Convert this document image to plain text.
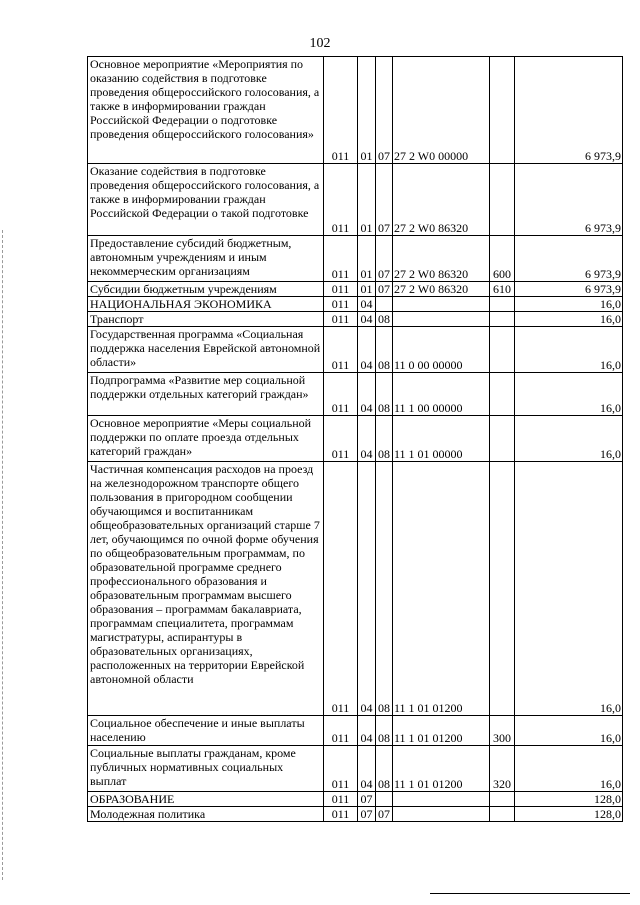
102
Основное мероприятие «Мероприятия по оказанию содействия в подготовке проведения общероссийского голосования, а также в информировании граждан Российской Федерации о подготовке проведения общероссийского голосования»	011	01	07	27 2 W0 00000		6 973,9
Оказание содействия в подготовке проведения общероссийского голосования, а также в информировании граждан Российской Федерации о такой подготовке	011	01	07	27 2 W0 86320		6 973,9
Предоставление субсидий бюджетным, автономным учреждениям и иным некоммерческим организациям	011	01	07	27 2 W0 86320	600	6 973,9
Субсидии бюджетным учреждениям	011	01	07	27 2 W0 86320	610	6 973,9
НАЦИОНАЛЬНАЯ ЭКОНОМИКА	011	04				16,0
Транспорт	011	04	08			16,0
Государственная программа «Социальная поддержка населения Еврейской автономной области»	011	04	08	11 0 00 00000		16,0
Подпрограмма «Развитие мер социальной поддержки отдельных категорий граждан»	011	04	08	11 1 00 00000		16,0
Основное мероприятие «Меры социальной поддержки по оплате проезда отдельных категорий граждан»	011	04	08	11 1 01 00000		16,0
Частичная компенсация расходов на проезд на железнодорожном транспорте общего пользования в пригородном сообщении обучающимся и воспитанникам общеобразовательных организаций старше 7 лет, обучающимся по очной форме обучения по общеобразовательным программам, по образовательной программе среднего профессионального образования и образовательным программам высшего образования – программам бакалавриата, программам специалитета, программам магистратуры, аспирантуры в образовательных организациях, расположенных на территории Еврейской автономной области	011	04	08	11 1 01 01200		16,0
Социальное обеспечение и иные выплаты населению	011	04	08	11 1 01 01200	300	16,0
Социальные выплаты гражданам, кроме публичных нормативных социальных выплат	011	04	08	11 1 01 01200	320	16,0
ОБРАЗОВАНИЕ	011	07				128,0
Молодежная политика	011	07	07			128,0
